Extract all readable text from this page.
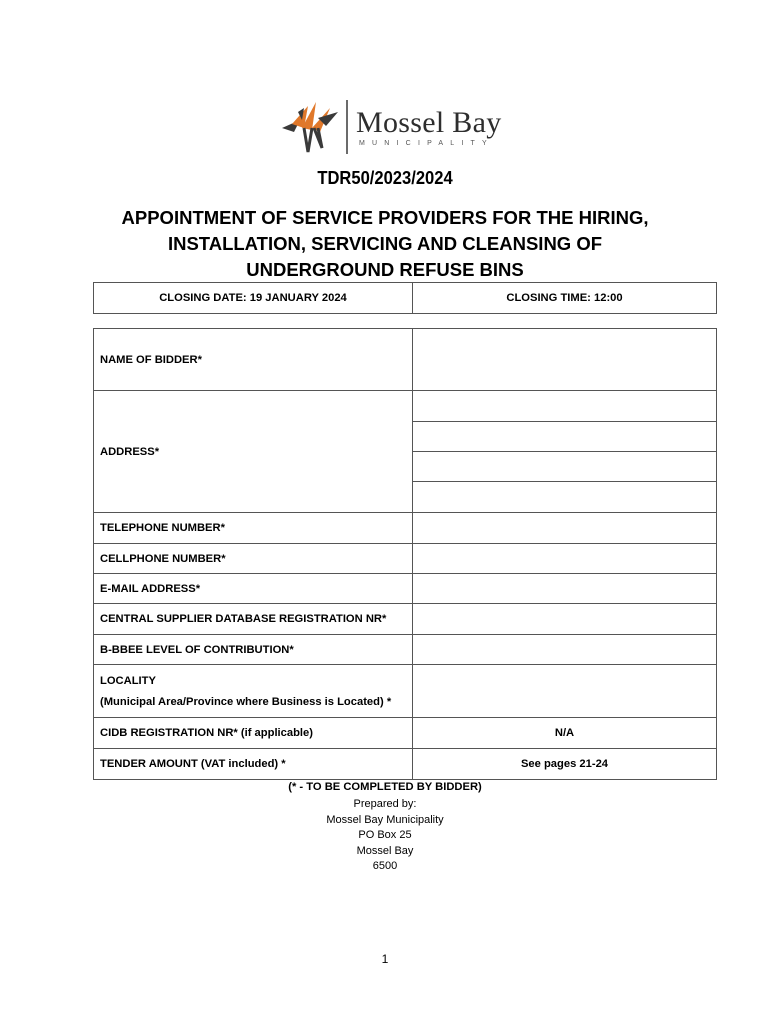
Mossel Bay
MUNICIPALITY
TDR50/2023/2024
APPOINTMENT OF SERVICE PROVIDERS FOR THE HIRING,
INSTALLATION, SERVICING AND CLEANSING OF
UNDERGROUND REFUSE BINS
CLOSING DATE: 19 JANUARY 2024	CLOSING TIME: 12:00
NAME OF BIDDER*	
ADDRESS*	

TELEPHONE NUMBER*	
CELLPHONE NUMBER*	
E-MAIL ADDRESS*	
CENTRAL SUPPLIER DATABASE REGISTRATION NR*	
B-BBEE LEVEL OF CONTRIBUTION*	

LOCALITY
(Municipal Area/Province where Business is Located) *	

CIDB REGISTRATION NR* (if applicable)	N/A
TENDER AMOUNT (VAT included) *	See pages 21-24
(* - TO BE COMPLETED BY BIDDER)
Prepared by:
Mossel Bay Municipality
PO Box 25
Mossel Bay
6500
1
